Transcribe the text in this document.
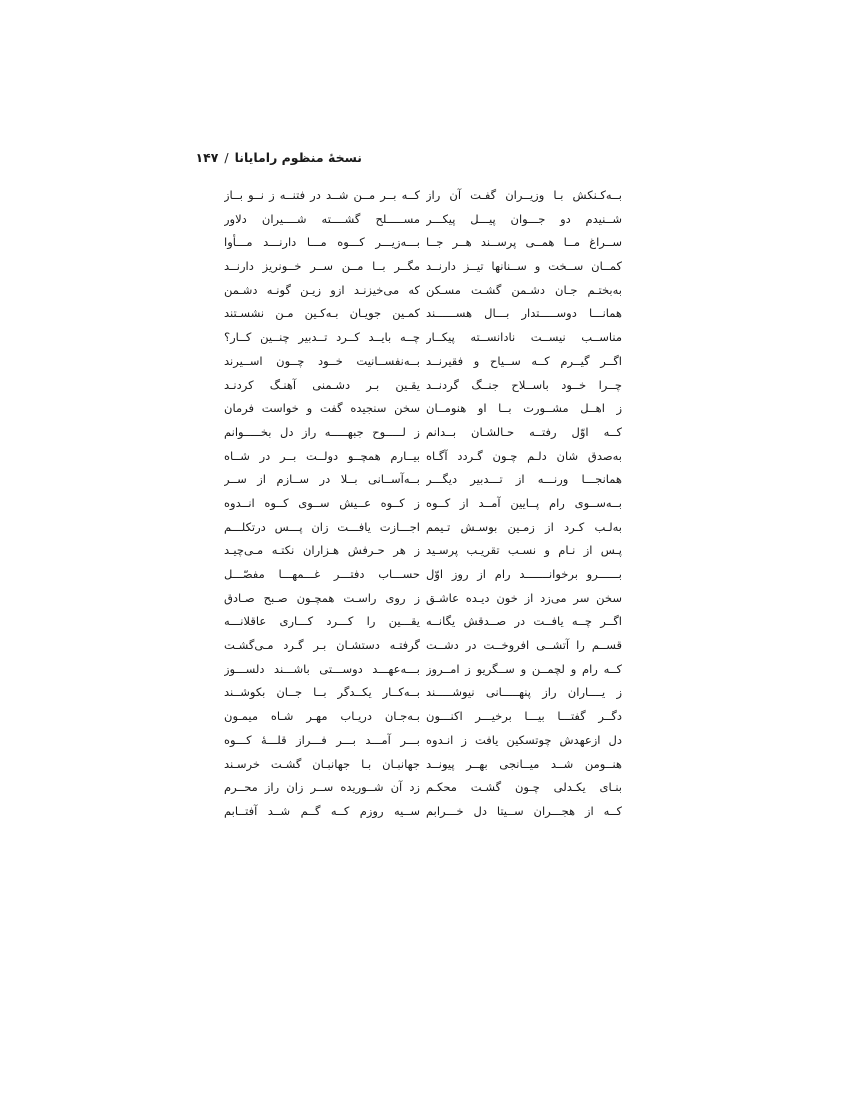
نسخهٔ منظوم رامایانا/۱۴۷
بــه‌کـنکش بـا وزیــران گفـت آن راز
شــنیدم دو جـــوان پیـــل پیکـــر
ســراغ مــا همــی پرســند هــر جــا
کمــان ســخت و ســنانها تیــز دارنــد
به‌بختـم جـان دشـمن گشـت مسـکن
همانـــا دوســـــتدار بـــال هســــــند
مناســب نیســت نادانســته پیکــار
اگــر گیــرم کــه ســیاح و فقیرنــد
چــرا خــود باســلاح جنــگ گردنــد
ز اهــل مشــورت بــا او هنومــان
کــه اوّل رفتــه حـالشـان بــدانم
به‌صدق شان دلـم چـون گـردد آگـاه
همانجـــا ورنـــه از تـــدبیر دیگـــر
بــه‌ســوی رام پــایین آمــد از کــوه
به‌لـب کـرد از زمـین بوسـش تـیمم
پـس از نـام و نسـب تقریـب پرسـید
بــــــرو برخوانـــــــد رام از روز اوّل
سخن سر می‌زد از خون دیـده عاشـق
اگــر چــه یافــت در صــدقش یگانــه
قســم را آتشــی افروخــت در دشــت
کــه رام و لچمــن و ســگریو ز امــروز
ز یــــاران راز پنهـــــانی نیوشـــــند
دگــر گفتـــا بیـــا برخیـــر اکنـــون
دل ازعهدش چوتسکین یافت ز انـدوه
هنــومن شــد میــانجی بهــر پیونــد
بنـای یکـدلی چـون گشـت محکـم
کــه از هجـــران ســیتا دل خـــرابم
کــه بــر مــن شــد در فتنــه ز نــو بــاز
مســـــلح گشــــته شــــیران دلاور
بـــه‌زیـــر کـــوه مـــا دارنـــد مـــأوا
مگــر بــا مــن ســر خــونریز دارنــد
که می‌خیزنـد ازو زیـن گونـه دشـمن
کمـین جویـان بـه‌کـین مـن نشسـتند
چــه بایــد کــرد تــدبیر چنــین کــار؟
بــه‌نفســانیت خــود چــون اســیرند
یقـین بـر دشـمنی آهنـگ کردنـد
سخن سنجیده گفت و خواست فرمان
ز لـــــوح جبهـــــه راز دل بخـــــوانم
بیــارم همچــو دولــت بــر در شــاه
بــه‌آســانی بــلا در ســازم از ســر
ز کــوه عــیش ســوی کــوه انــدوه
اجـــازت یافـــت زان پـــس درتکلـــم
ز هر حـرفش هـزاران نکتـه مـی‌چیـد
حســـاب دفتـــر غـــمهـــا مفصّـــل
ز روی راسـت همچـون صـبح صـادق
یقـــین را کـــرد کـــاری عاقلانـــه
گرفتـه دستشـان بـر گـرد مـی‌گشـت
بـــه‌عهـــد دوســـتی باشـــند دلســـوز
بــه‌کــار یکــدگر بــا جــان بکوشــند
بـه‌جـان دریـاب مهـر شـاه میمـون
بـــر آمـــد بـــر فـــراز قلـــهٔ کـــوه
جهانبـان بـا جهانبـان گشـت خرسـند
زد آن شــوریده ســر زان راز محــرم
ســیه روزم کــه گــم شــد آفتــابم
